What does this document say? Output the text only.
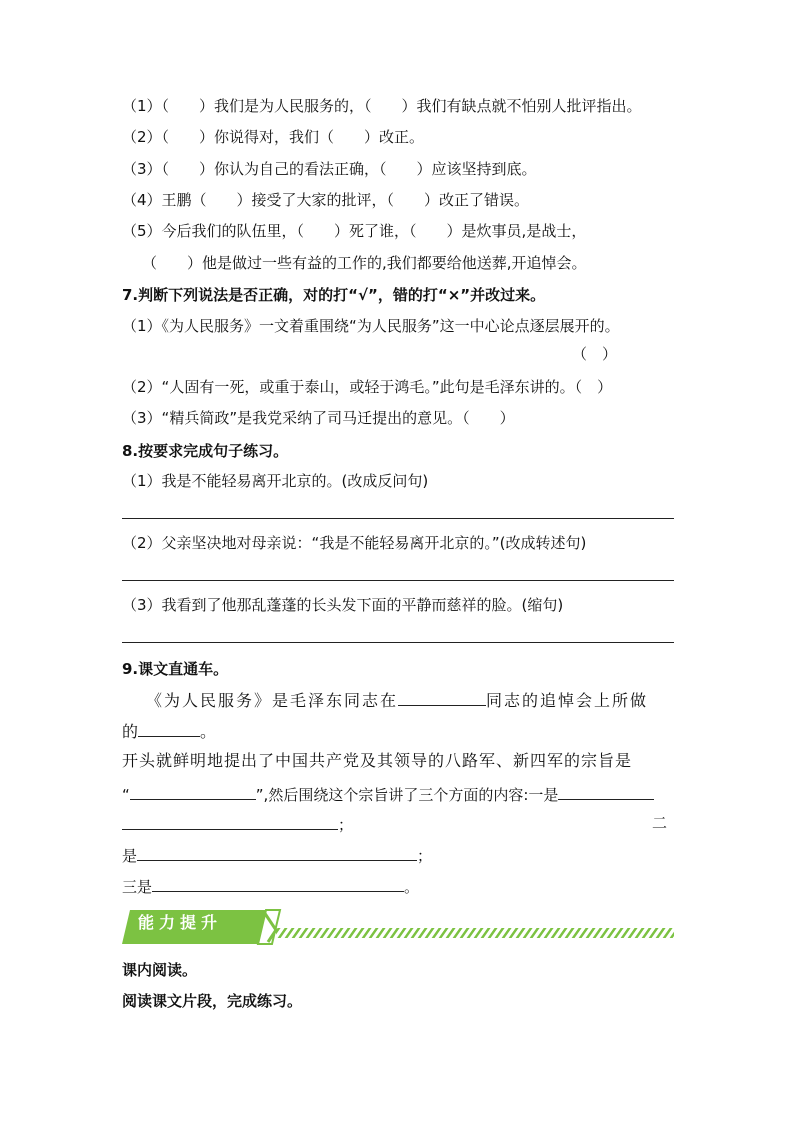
（1）（　　）我们是为人民服务的，（　　）我们有缺点就不怕别人批评指出。
（2）（　　）你说得对，我们（　　）改正。
（3）（　　）你认为自己的看法正确，（　　）应该坚持到底。
（4）王鹏（　　）接受了大家的批评，（　　）改正了错误。
（5）今后我们的队伍里，（　　）死了谁，（　　）是炊事员,是战士，
（　　）他是做过一些有益的工作的,我们都要给他送葬,开追悼会。
7.判断下列说法是否正确，对的打“√”，错的打“×”并改过来。
（1）《为人民服务》一文着重围绕“为人民服务”这一中心论点逐层展开的。
（　）
（2）“人固有一死，或重于泰山，或轻于鸿毛。”此句是毛泽东讲的。（　）
（3）“精兵简政”是我党采纳了司马迁提出的意见。（　　）
8.按要求完成句子练习。
（1）我是不能轻易离开北京的。(改成反问句)
（2）父亲坚决地对母亲说：“我是不能轻易离开北京的。”(改成转述句)
（3）我看到了他那乱蓬蓬的长头发下面的平静而慈祥的脸。(缩句)
9.课文直通车。
《为人民服务》是毛泽东同志在	同志的追悼会上所做
的	。
开头就鲜明地提出了中国共产党及其领导的八路军、新四军的宗旨是
“	”,然后围绕这个宗旨讲了三个方面的内容:一是
；	二
是	；
三是	。
能力提升
课内阅读。
阅读课文片段，完成练习。
